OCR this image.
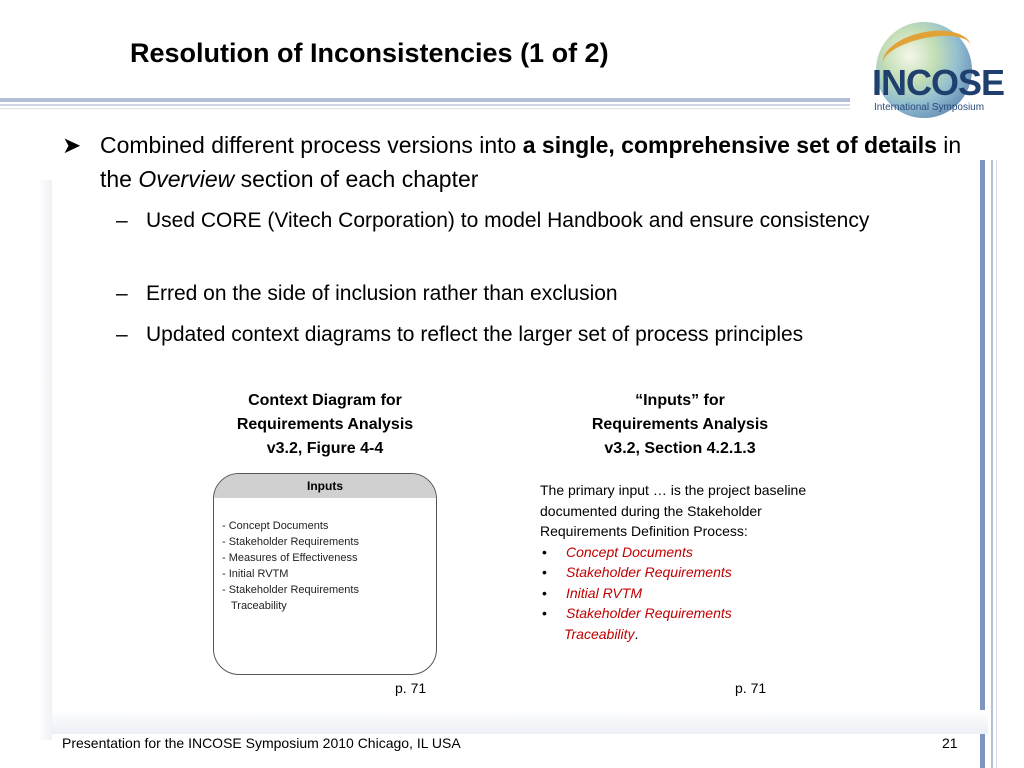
Resolution of Inconsistencies (1 of 2)
INCOSE
International Symposium
➤ Combined different process versions into a single, comprehensive set of details in the Overview section of each chapter
– Used CORE (Vitech Corporation) to model Handbook and ensure consistency
– Erred on the side of inclusion rather than exclusion
– Updated context diagrams to reflect the larger set of process principles
Context Diagram for
Requirements Analysis
v3.2, Figure 4-4
“Inputs” for
Requirements Analysis
v3.2, Section 4.2.1.3
Inputs
- Concept Documents
- Stakeholder Requirements
- Measures of Effectiveness
- Initial RVTM
- Stakeholder Requirements
Traceability
The primary input … is the project baseline documented during the Stakeholder Requirements Definition Process:
• Concept Documents
• Stakeholder Requirements
• Initial RVTM
• Stakeholder Requirements
Traceability.
p. 71	p. 71
Presentation for the INCOSE Symposium 2010 Chicago, IL USA	21
